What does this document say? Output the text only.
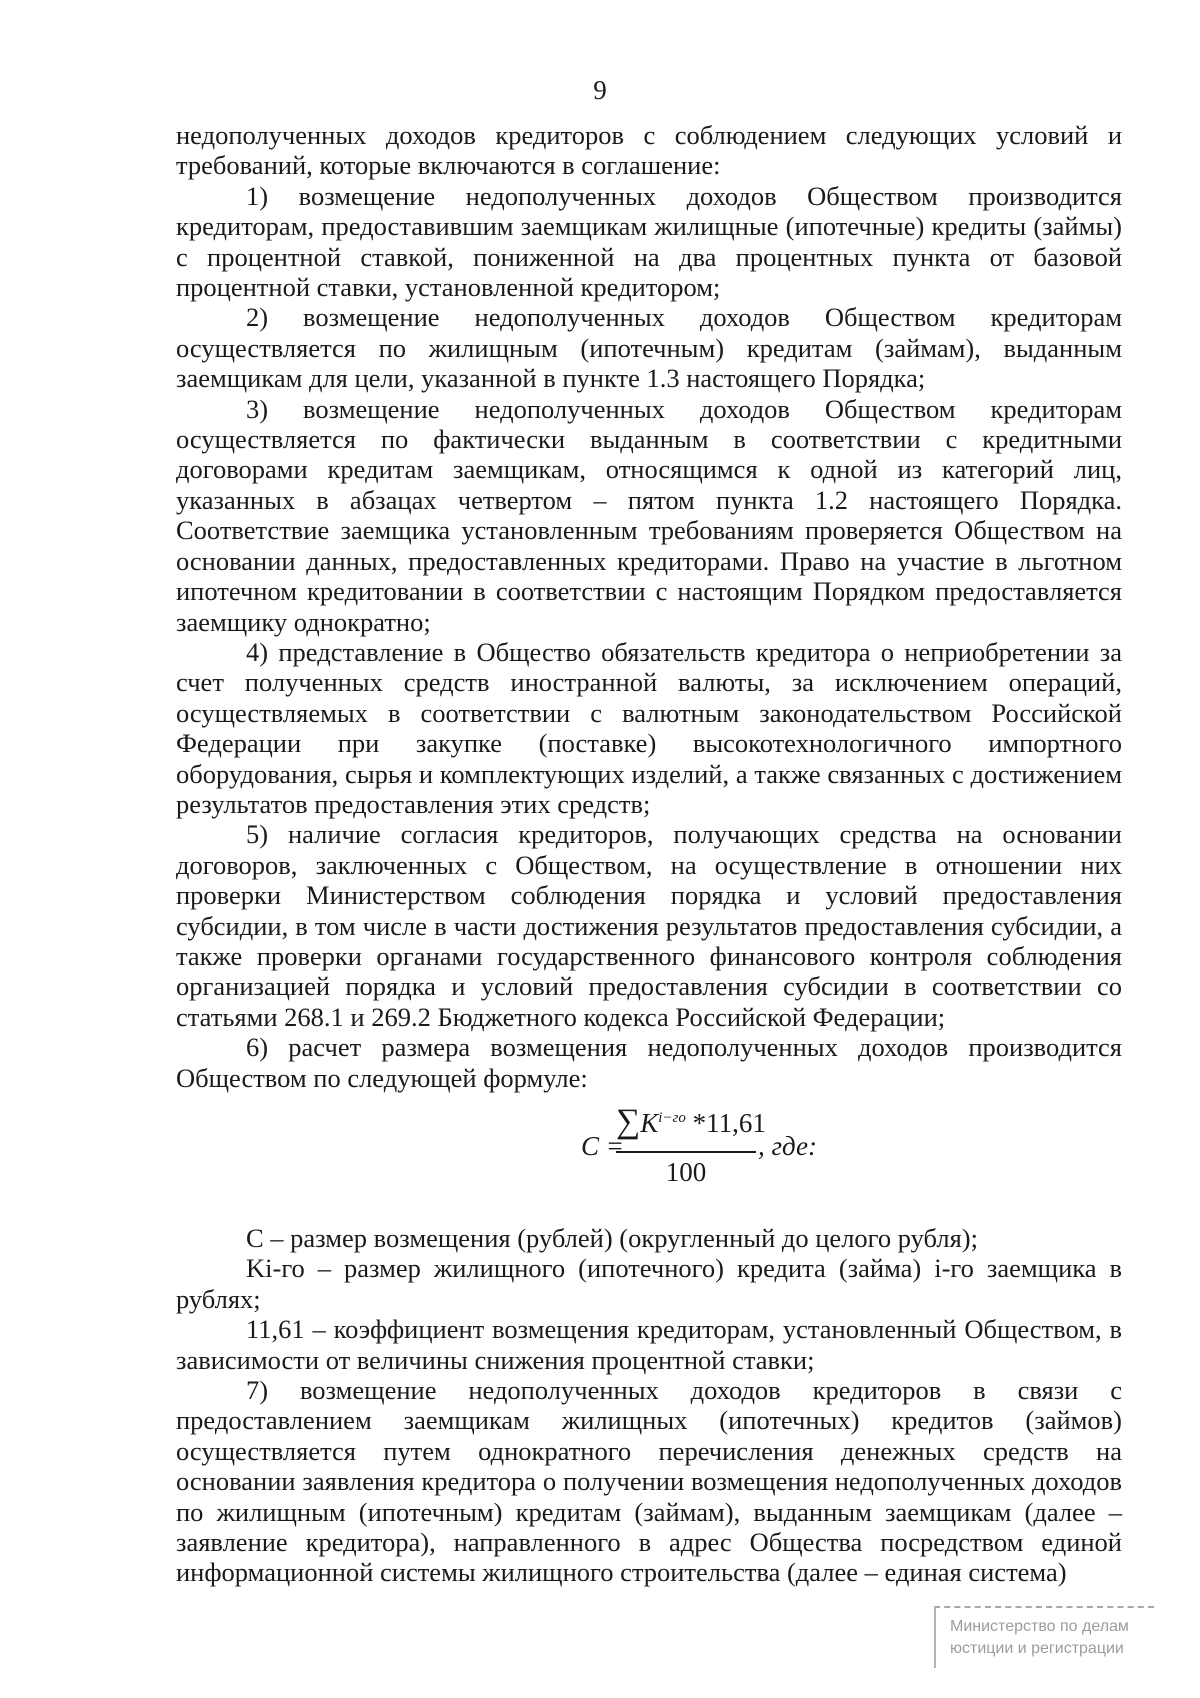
9

недополученных доходов кредиторов с соблюдением следующих условий и требований, которые включаются в соглашение:

1) возмещение недополученных доходов Обществом производится кредиторам, предоставившим заемщикам жилищные (ипотечные) кредиты (займы) с процентной ставкой, пониженной на два процентных пункта от базовой процентной ставки, установленной кредитором;

2) возмещение недополученных доходов Обществом кредиторам осуществляется по жилищным (ипотечным) кредитам (займам), выданным заемщикам для цели, указанной в пункте 1.3 настоящего Порядка;

3) возмещение недополученных доходов Обществом кредиторам осуществляется по фактически выданным в соответствии с кредитными договорами кредитам заемщикам, относящимся к одной из категорий лиц, указанных в абзацах четвертом – пятом пункта 1.2 настоящего Порядка. Соответствие заемщика установленным требованиям проверяется Обществом на основании данных, предоставленных кредиторами. Право на участие в льготном ипотечном кредитовании в соответствии с настоящим Порядком предоставляется заемщику однократно;

4) представление в Общество обязательств кредитора о неприобретении за счет полученных средств иностранной валюты, за исключением операций, осуществляемых в соответствии с валютным законодательством Российской Федерации при закупке (поставке) высокотехнологичного импортного оборудования, сырья и комплектующих изделий, а также связанных с достижением результатов предоставления этих средств;

5) наличие согласия кредиторов, получающих средства на основании договоров, заключенных с Обществом, на осуществление в отношении них проверки Министерством соблюдения порядка и условий предоставления субсидии, в том числе в части достижения результатов предоставления субсидии, а также проверки органами государственного финансового контроля соблюдения организацией порядка и условий предоставления субсидии в соответствии со статьями 268.1 и 269.2 Бюджетного кодекса Российской Федерации;

6) расчет размера возмещения недополученных доходов производится Обществом по следующей формуле:

C =
$\sum K^{i-го}$ *11,61
100
, где:

С – размер возмещения (рублей) (округленный до целого рубля);

Ki-го – размер жилищного (ипотечного) кредита (займа) i-го заемщика в рублях;

11,61 – коэффициент возмещения кредиторам, установленный Обществом, в зависимости от величины снижения процентной ставки;

7) возмещение недополученных доходов кредиторов в связи с предоставлением заемщикам жилищных (ипотечных) кредитов (займов) осуществляется путем однократного перечисления денежных средств на основании заявления кредитора о получении возмещения недополученных доходов по жилищным (ипотечным) кредитам (займам), выданным заемщикам (далее – заявление кредитора), направленного в адрес Общества посредством единой информационной системы жилищного строительства (далее – единая система)

Министерство по делам
юстиции и регистрации
